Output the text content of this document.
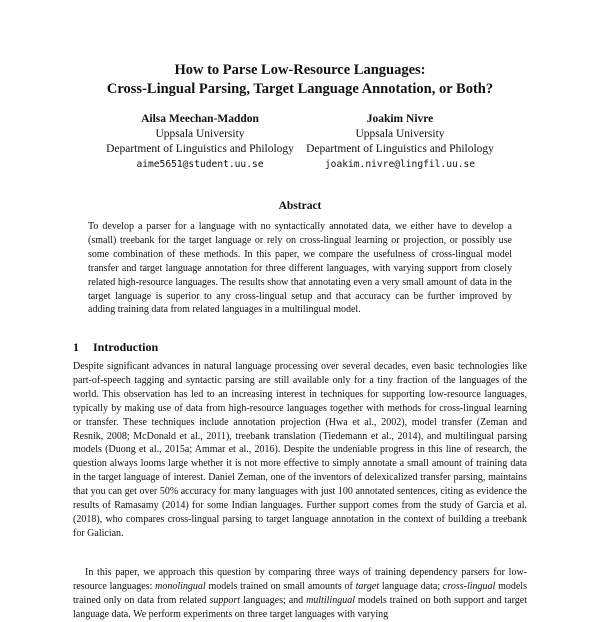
How to Parse Low-Resource Languages:
Cross-Lingual Parsing, Target Language Annotation, or Both?
Ailsa Meechan-Maddon
Uppsala University
Department of Linguistics and Philology
aime5651@student.uu.se
Joakim Nivre
Uppsala University
Department of Linguistics and Philology
joakim.nivre@lingfil.uu.se
Abstract

To develop a parser for a language with no syntactically annotated data, we either have to develop a (small) treebank for the target language or rely on cross-lingual learning or projection, or possibly use some combination of these methods. In this paper, we compare the usefulness of cross-lingual model transfer and target language annotation for three different languages, with varying support from closely related high-resource languages. The results show that annotating even a very small amount of data in the target language is superior to any cross-lingual setup and that accuracy can be further improved by adding training data from related languages in a multilingual model.

1 Introduction

Despite significant advances in natural language processing over several decades, even basic technologies like part-of-speech tagging and syntactic parsing are still available only for a tiny fraction of the languages of the world. This observation has led to an increasing interest in techniques for supporting low-resource languages, typically by making use of data from high-resource languages together with methods for cross-lingual learning or transfer. These techniques include annotation projection (Hwa et al., 2002), model transfer (Zeman and Resnik, 2008; McDonald et al., 2011), treebank translation (Tiedemann et al., 2014), and multilingual parsing models (Duong et al., 2015a; Ammar et al., 2016). Despite the undeniable progress in this line of research, the question always looms large whether it is not more effective to simply annotate a small amount of training data in the target language of interest. Daniel Zeman, one of the inventors of delexicalized transfer parsing, maintains that you can get over 50% accuracy for many languages with just 100 annotated sentences, citing as evidence the results of Ramasamy (2014) for some Indian languages. Further support comes from the study of Garcia et al. (2018), who compares cross-lingual parsing to target language annotation in the context of building a treebank for Galician.

In this paper, we approach this question by comparing three ways of training dependency parsers for low-resource languages: monolingual models trained on small amounts of target language data; cross-lingual models trained only on data from related support languages; and multilingual models trained on both support and target language data. We perform experiments on three target languages with varying
